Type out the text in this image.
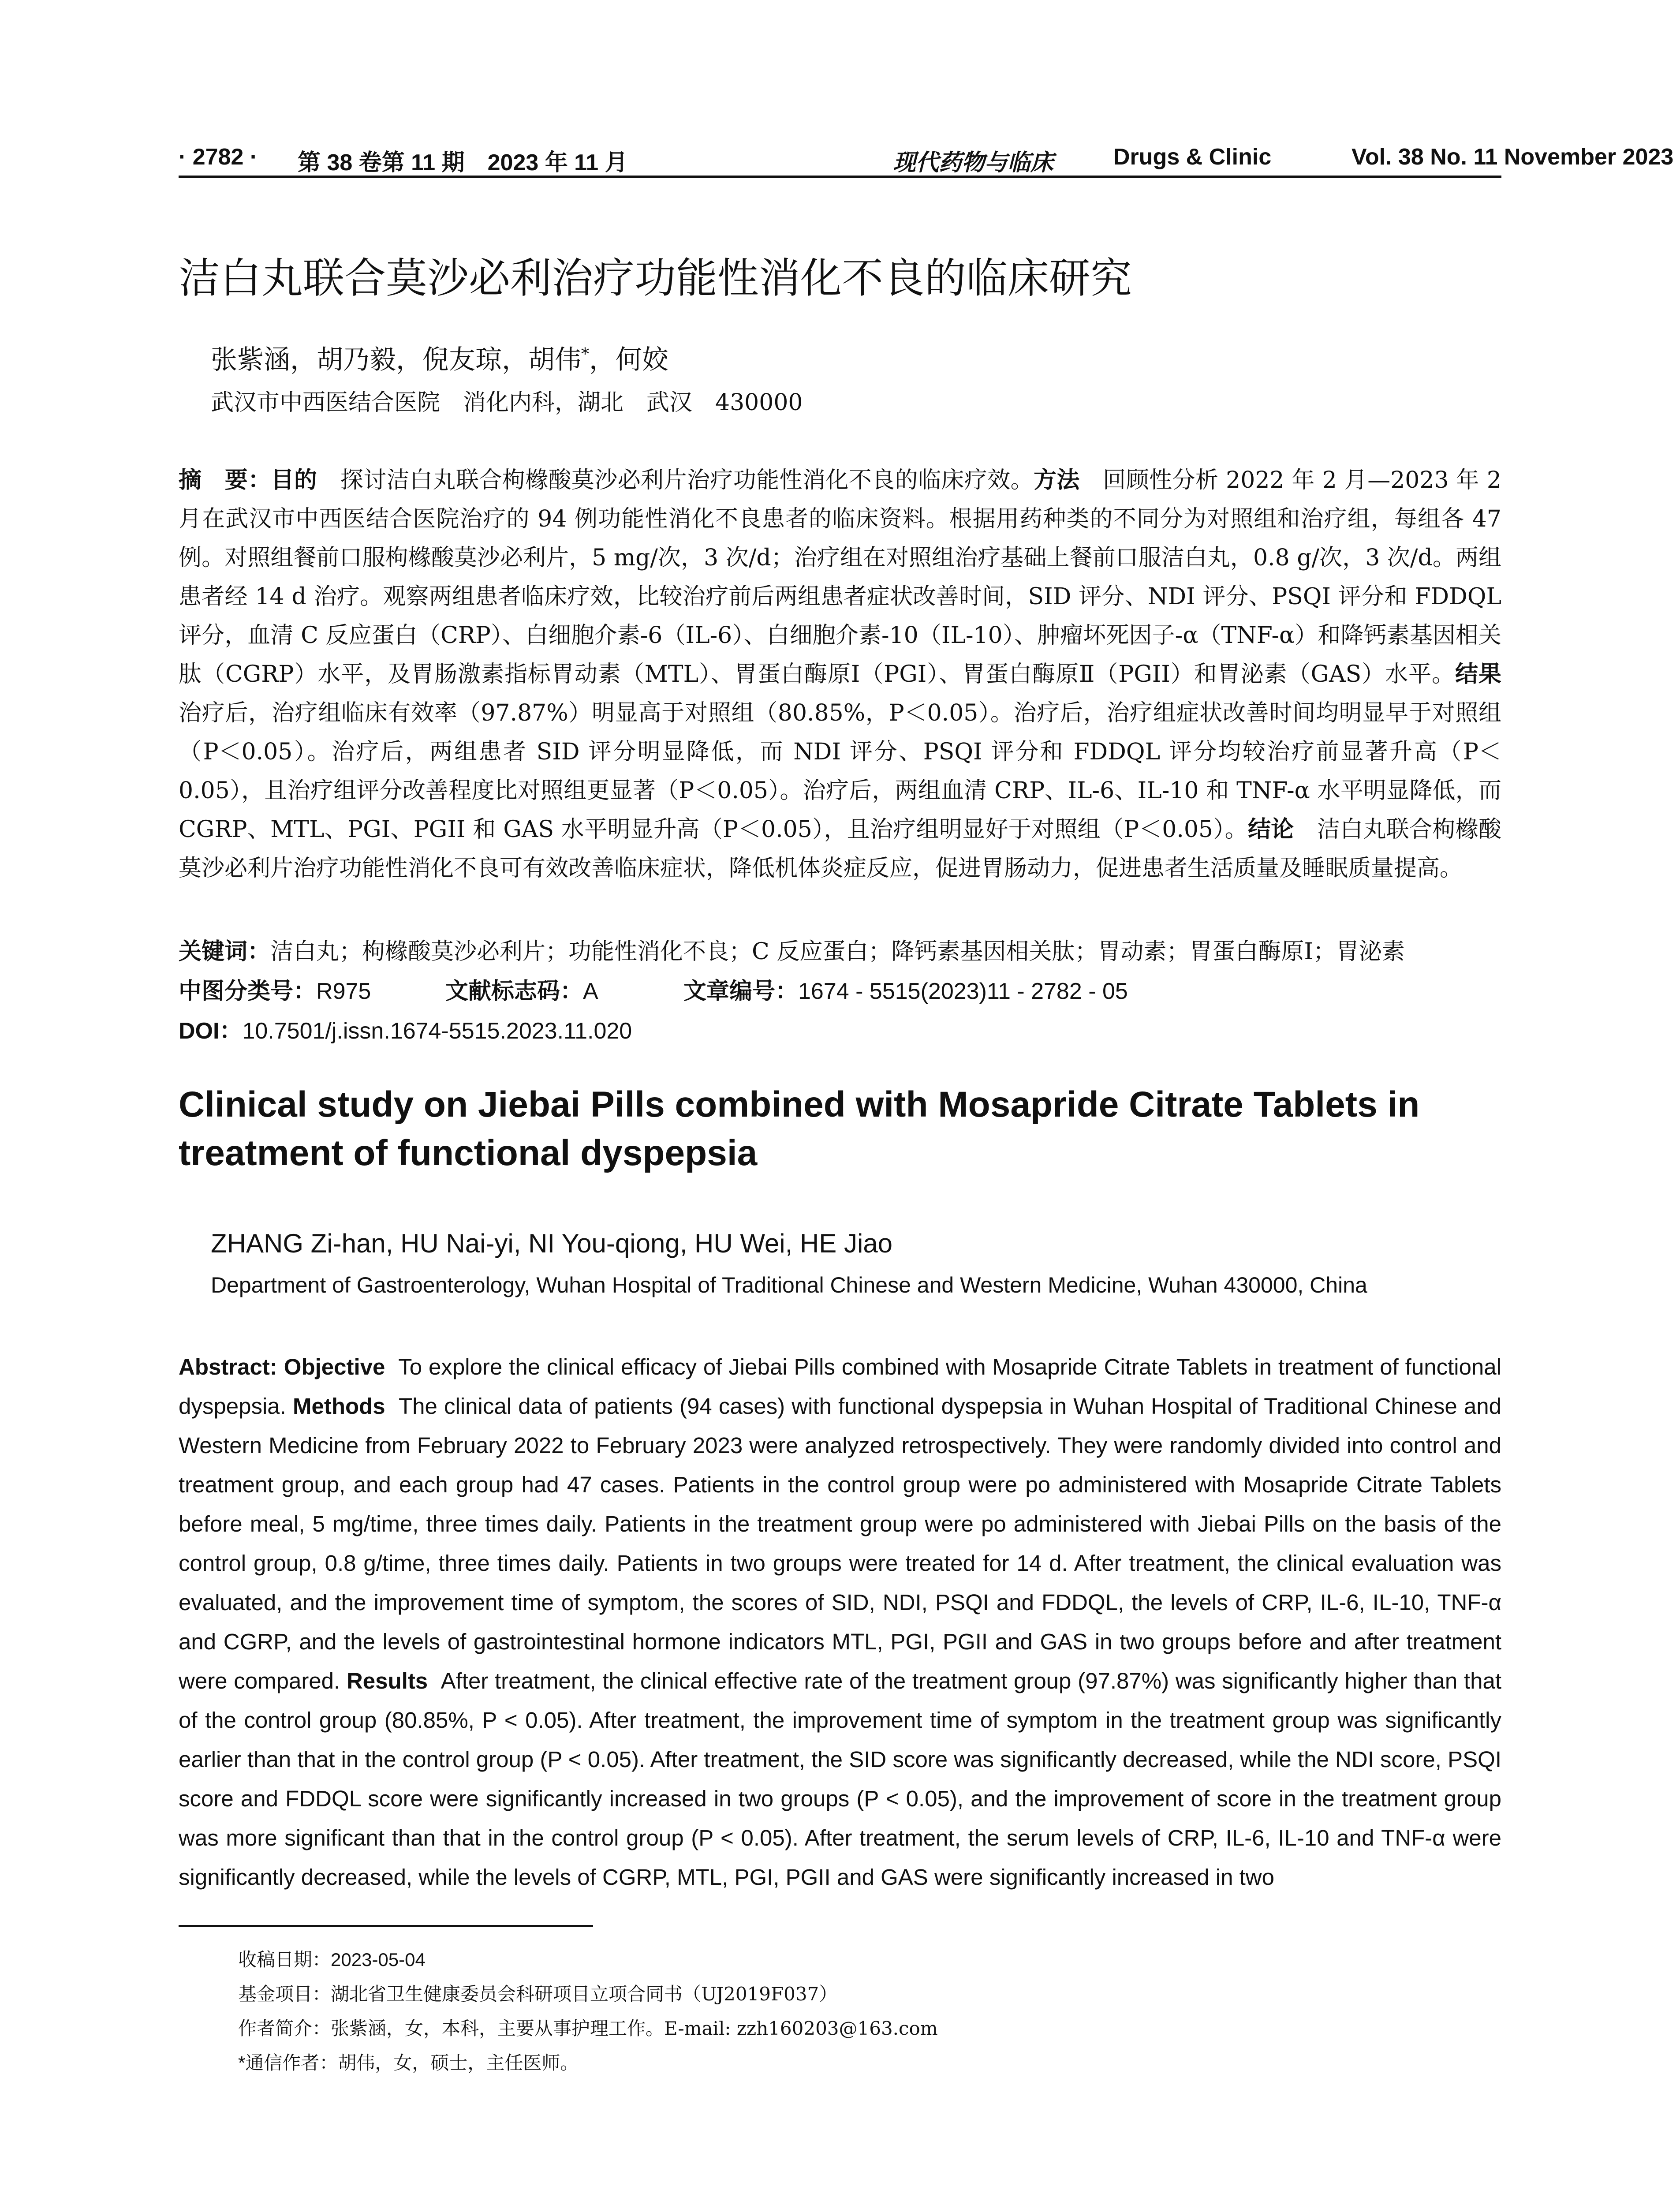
· 2782 · 第 38 卷第 11 期　2023 年 11 月	现代药物与临床	Drugs & Clinic	Vol. 38 No. 11 November 2023
洁白丸联合莫沙必利治疗功能性消化不良的临床研究
张紫涵，胡乃毅，倪友琼，胡伟*，何姣
武汉市中西医结合医院　消化内科，湖北　武汉　430000
摘　要：目的　 探讨洁白丸联合枸橼酸莫沙必利片治疗功能性消化不良的临床疗效。方法　 回顾性分析 2022 年 2 月—2023 年 2 月在武汉市中西医结合医院治疗的 94 例功能性消化不良患者的临床资料。根据用药种类的不同分为对照组和治疗组，每组各 47 例。对照组餐前口服枸橼酸莫沙必利片，5 mg/次，3 次/d；治疗组在对照组治疗基础上餐前口服洁白丸，0.8 g/次，3 次/d。两组患者经 14 d 治疗。观察两组患者临床疗效，比较治疗前后两组患者症状改善时间，SID 评分、NDI 评分、PSQI 评分和 FDDQL 评分，血清 C 反应蛋白（CRP）、白细胞介素-6（IL-6）、白细胞介素-10（IL-10）、肿瘤坏死因子-α（TNF-α）和降钙素基因相关肽（CGRP）水平，及胃肠激素指标胃动素（MTL）、胃蛋白酶原Ⅰ（PGI）、胃蛋白酶原Ⅱ（PGII）和胃泌素（GAS）水平。结果　治疗后，治疗组临床有效率（97.87%）明显高于对照组（80.85%，P＜0.05）。治疗后，治疗组症状改善时间均明显早于对照组（P＜0.05）。治疗后，两组患者 SID 评分明显降低，而 NDI 评分、PSQI 评分和 FDDQL 评分均较治疗前显著升高（P＜0.05），且治疗组评分改善程度比对照组更显著（P＜0.05）。治疗后，两组血清 CRP、IL-6、IL-10 和 TNF-α 水平明显降低，而 CGRP、MTL、PGI、PGII 和 GAS 水平明显升高（P＜0.05），且治疗组明显好于对照组（P＜0.05）。结论　 洁白丸联合枸橼酸莫沙必利片治疗功能性消化不良可有效改善临床症状，降低机体炎症反应，促进胃肠动力，促进患者生活质量及睡眠质量提高。
关键词：洁白丸；枸橼酸莫沙必利片；功能性消化不良；C 反应蛋白；降钙素基因相关肽；胃动素；胃蛋白酶原Ⅰ；胃泌素
中图分类号：R975	文献标志码：A	文章编号：1674 - 5515(2023)11 - 2782 - 05
DOI：10.7501/j.issn.1674-5515.2023.11.020
Clinical study on Jiebai Pills combined with Mosapride Citrate Tablets in treatment of functional dyspepsia
ZHANG Zi-han, HU Nai-yi, NI You-qiong, HU Wei, HE Jiao
Department of Gastroenterology, Wuhan Hospital of Traditional Chinese and Western Medicine, Wuhan 430000, China
Abstract: Objective To explore the clinical efficacy of Jiebai Pills combined with Mosapride Citrate Tablets in treatment of functional dyspepsia. Methods The clinical data of patients (94 cases) with functional dyspepsia in Wuhan Hospital of Traditional Chinese and Western Medicine from February 2022 to February 2023 were analyzed retrospectively. They were randomly divided into control and treatment group, and each group had 47 cases. Patients in the control group were po administered with Mosapride Citrate Tablets before meal, 5 mg/time, three times daily. Patients in the treatment group were po administered with Jiebai Pills on the basis of the control group, 0.8 g/time, three times daily. Patients in two groups were treated for 14 d. After treatment, the clinical evaluation was evaluated, and the improvement time of symptom, the scores of SID, NDI, PSQI and FDDQL, the levels of CRP, IL-6, IL-10, TNF-α and CGRP, and the levels of gastrointestinal hormone indicators MTL, PGI, PGII and GAS in two groups before and after treatment were compared. Results After treatment, the clinical effective rate of the treatment group (97.87%) was significantly higher than that of the control group (80.85%, P < 0.05). After treatment, the improvement time of symptom in the treatment group was significantly earlier than that in the control group (P < 0.05). After treatment, the SID score was significantly decreased, while the NDI score, PSQI score and FDDQL score were significantly increased in two groups (P < 0.05), and the improvement of score in the treatment group was more significant than that in the control group (P < 0.05). After treatment, the serum levels of CRP, IL-6, IL-10 and TNF-α were significantly decreased, while the levels of CGRP, MTL, PGI, PGII and GAS were significantly increased in two
收稿日期：2023-05-04
基金项目：湖北省卫生健康委员会科研项目立项合同书（UJ2019F037）
作者简介：张紫涵，女，本科，主要从事护理工作。E-mail: zzh160203@163.com
*通信作者：胡伟，女，硕士，主任医师。
